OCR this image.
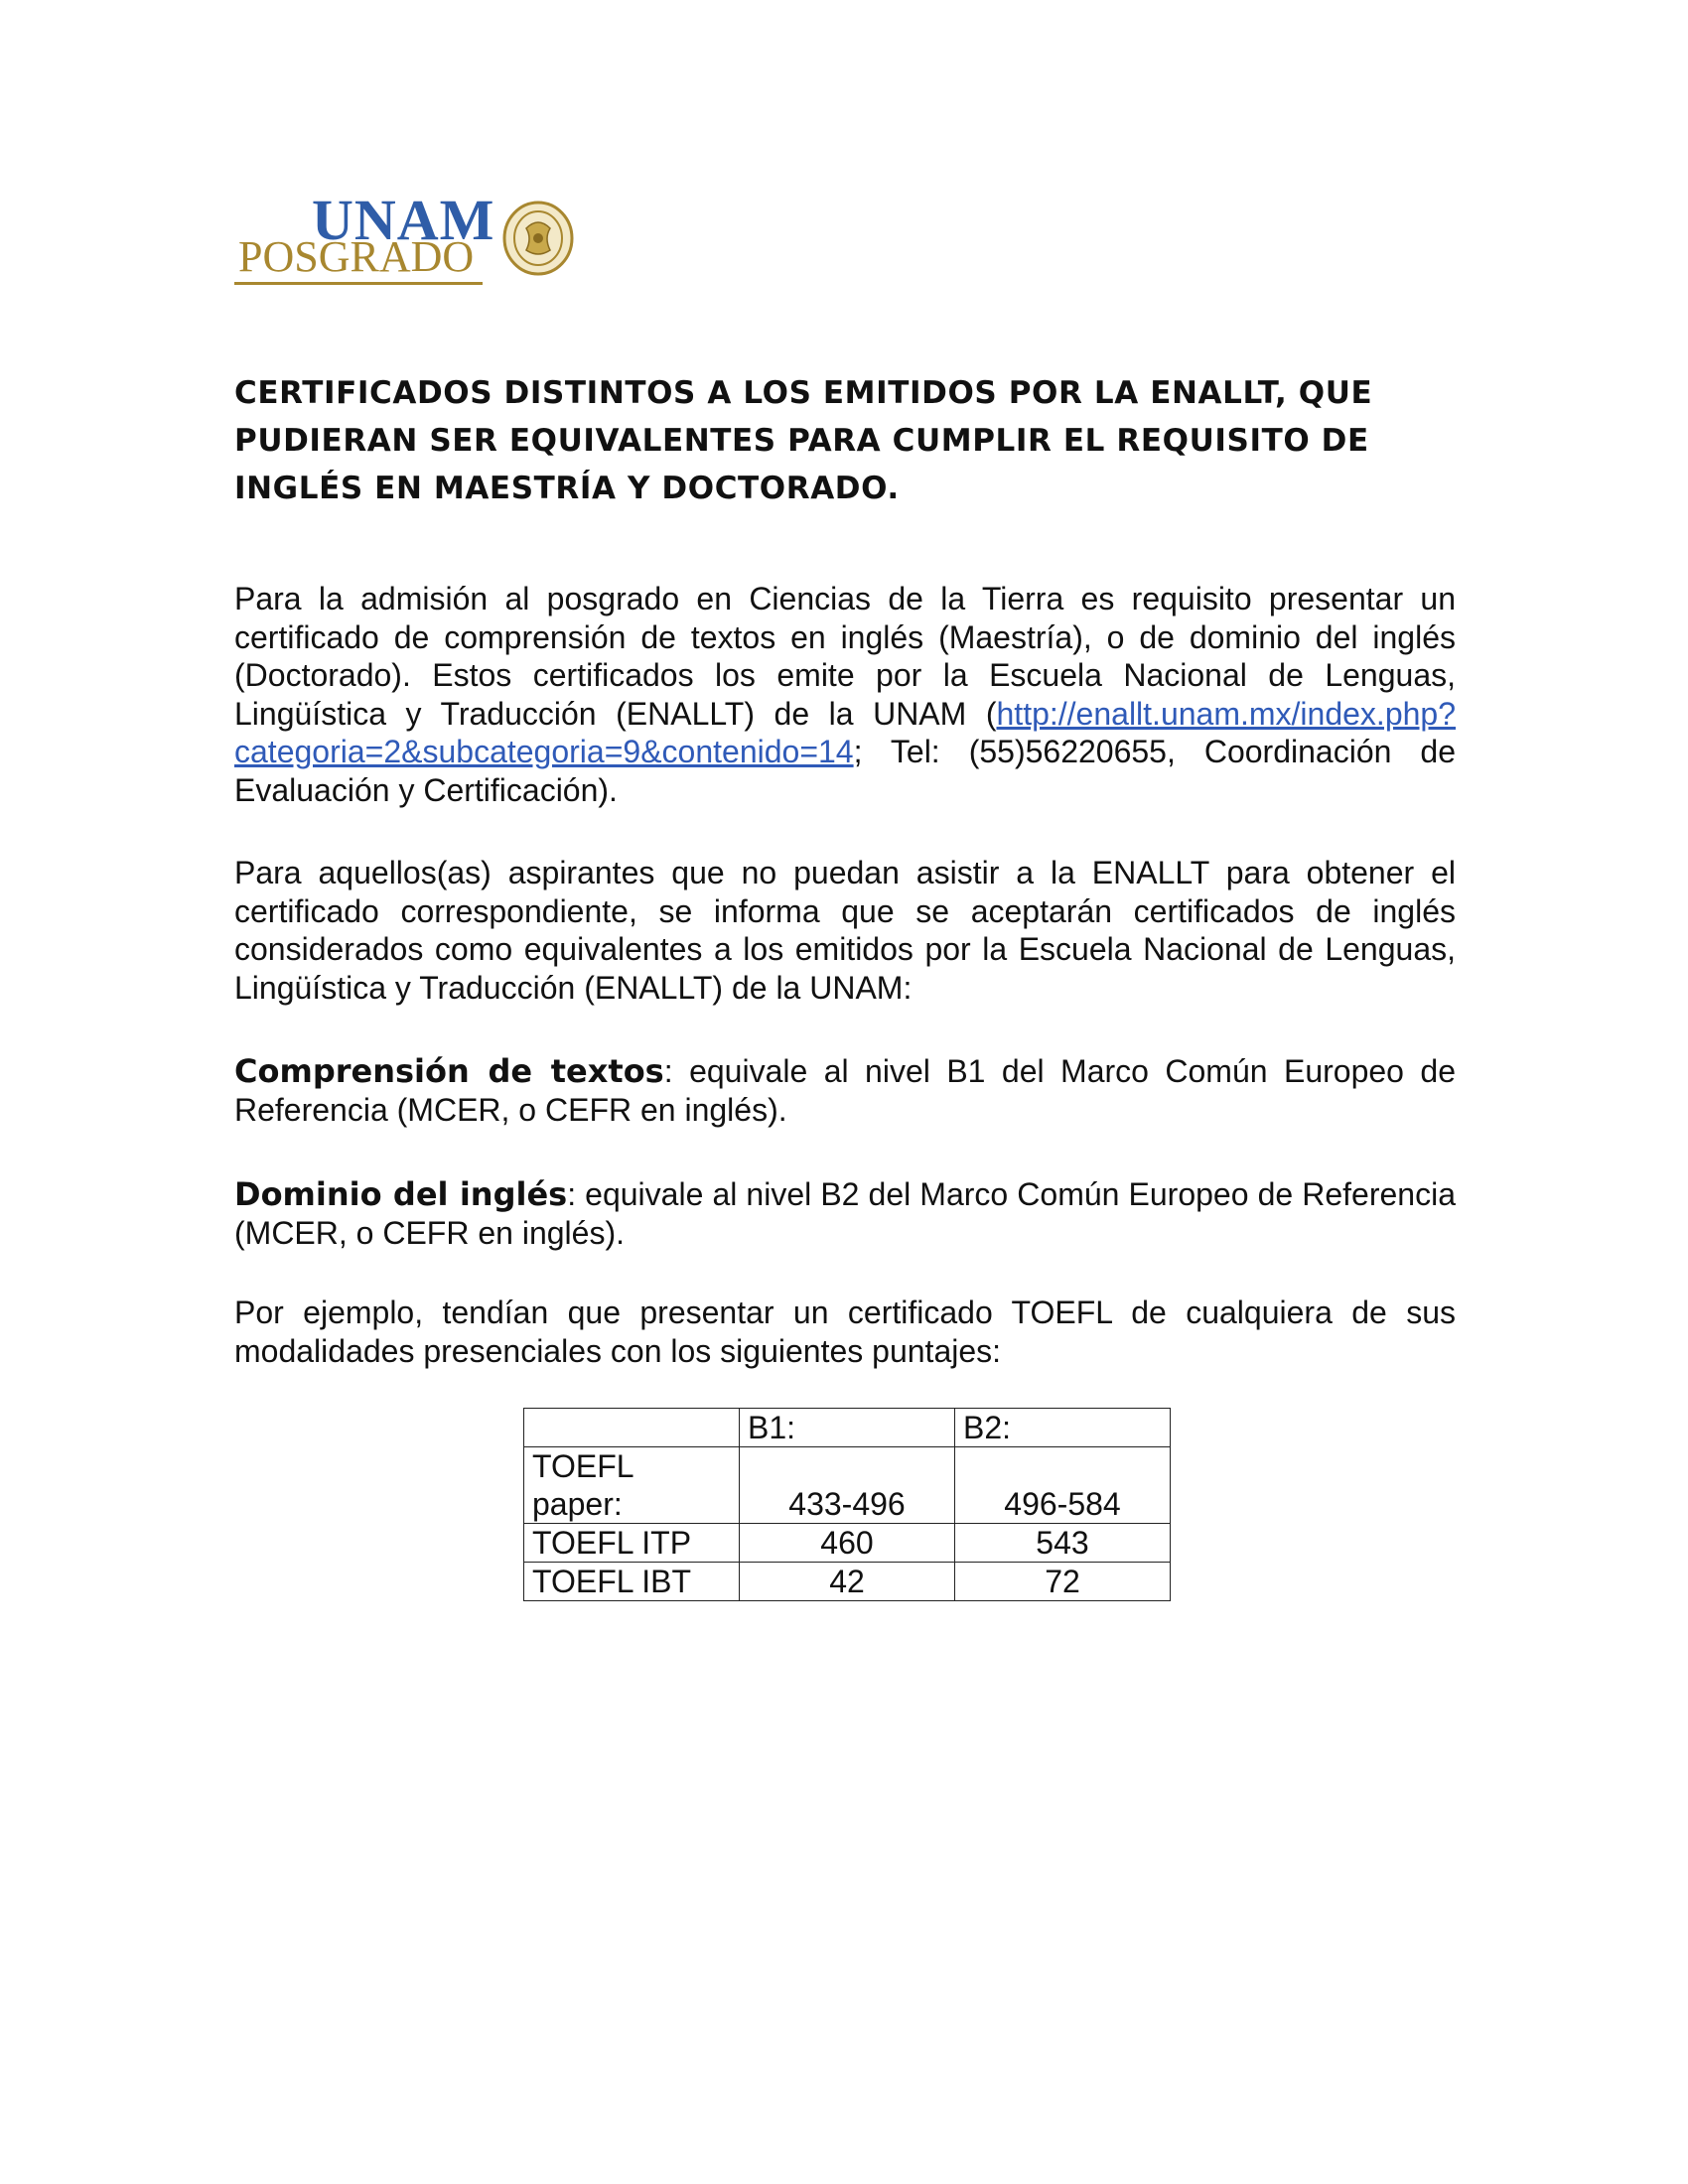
UNAM
POSGRADO
CERTIFICADOS DISTINTOS A LOS EMITIDOS POR LA ENALLT, QUE PUDIERAN SER EQUIVALENTES PARA CUMPLIR EL REQUISITO DE INGLÉS EN MAESTRÍA Y DOCTORADO.

Para la admisión al posgrado en Ciencias de la Tierra es requisito presentar un certificado de comprensión de textos en inglés (Maestría), o de dominio del inglés (Doctorado). Estos certificados los emite por la Escuela Nacional de Lenguas, Lingüística y Traducción (ENALLT) de la UNAM (http://enallt.unam.mx/index.php?categoria=2&subcategoria=9&contenido=14; Tel: (55)56220655, Coordinación de Evaluación y Certificación).

Para aquellos(as) aspirantes que no puedan asistir a la ENALLT para obtener el certificado correspondiente, se informa que se aceptarán certificados de inglés considerados como equivalentes a los emitidos por la Escuela Nacional de Lenguas, Lingüística y Traducción (ENALLT) de la UNAM:

Comprensión de textos: equivale al nivel B1 del Marco Común Europeo de Referencia (MCER, o CEFR en inglés).

Dominio del inglés: equivale al nivel B2 del Marco Común Europeo de Referencia (MCER, o CEFR en inglés).

Por ejemplo, tendían que presentar un certificado TOEFL de cualquiera de sus modalidades presenciales con los siguientes puntajes:

	B1:	B2:
TOEFL paper:	433-496	496-584
TOEFL ITP	460	543
TOEFL IBT	42	72
